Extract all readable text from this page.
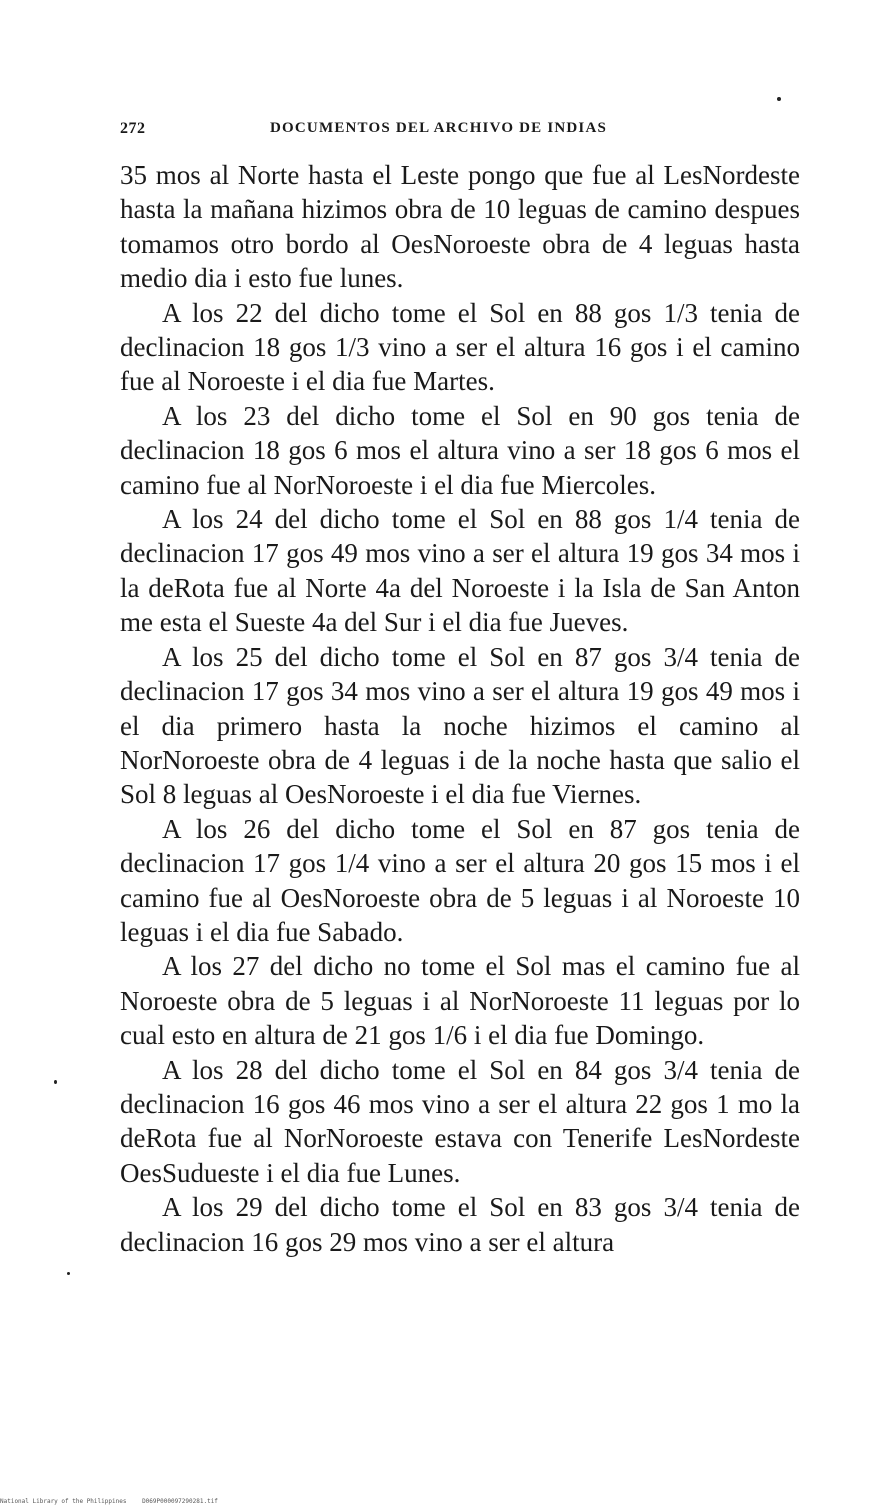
272	DOCUMENTOS DEL ARCHIVO DE INDIAS

35 mos al Norte hasta el Leste pongo que fue al LesNordeste hasta la mañana hizimos obra de 10 leguas de camino despues tomamos otro bordo al OesNoroeste obra de 4 leguas hasta medio dia i esto fue lunes.

A los 22 del dicho tome el Sol en 88 gos 1/3 tenia de declinacion 18 gos 1/3 vino a ser el altura 16 gos i el camino fue al Noroeste i el dia fue Martes.

A los 23 del dicho tome el Sol en 90 gos tenia de declinacion 18 gos 6 mos el altura vino a ser 18 gos 6 mos el camino fue al NorNoroeste i el dia fue Miercoles.

A los 24 del dicho tome el Sol en 88 gos 1/4 tenia de declinacion 17 gos 49 mos vino a ser el altura 19 gos 34 mos i la deRota fue al Norte 4a del Noroeste i la Isla de San Anton me esta el Sueste 4a del Sur i el dia fue Jueves.

A los 25 del dicho tome el Sol en 87 gos 3/4 tenia de declinacion 17 gos 34 mos vino a ser el altura 19 gos 49 mos i el dia primero hasta la noche hizimos el camino al NorNoroeste obra de 4 leguas i de la noche hasta que salio el Sol 8 leguas al OesNoroeste i el dia fue Viernes.

A los 26 del dicho tome el Sol en 87 gos tenia de declinacion 17 gos 1/4 vino a ser el altura 20 gos 15 mos i el camino fue al OesNoroeste obra de 5 leguas i al Noroeste 10 leguas i el dia fue Sabado.

A los 27 del dicho no tome el Sol mas el camino fue al Noroeste obra de 5 leguas i al NorNoroeste 11 leguas por lo cual esto en altura de 21 gos 1/6 i el dia fue Domingo.

A los 28 del dicho tome el Sol en 84 gos 3/4 tenia de declinacion 16 gos 46 mos vino a ser el altura 22 gos 1 mo la deRota fue al NorNoroeste estava con Tenerife LesNordeste OesSudueste i el dia fue Lunes.

A los 29 del dicho tome el Sol en 83 gos 3/4 tenia de declinacion 16 gos 29 mos vino a ser el altura

National Library of the Philippines	D069P000097290281.tif
